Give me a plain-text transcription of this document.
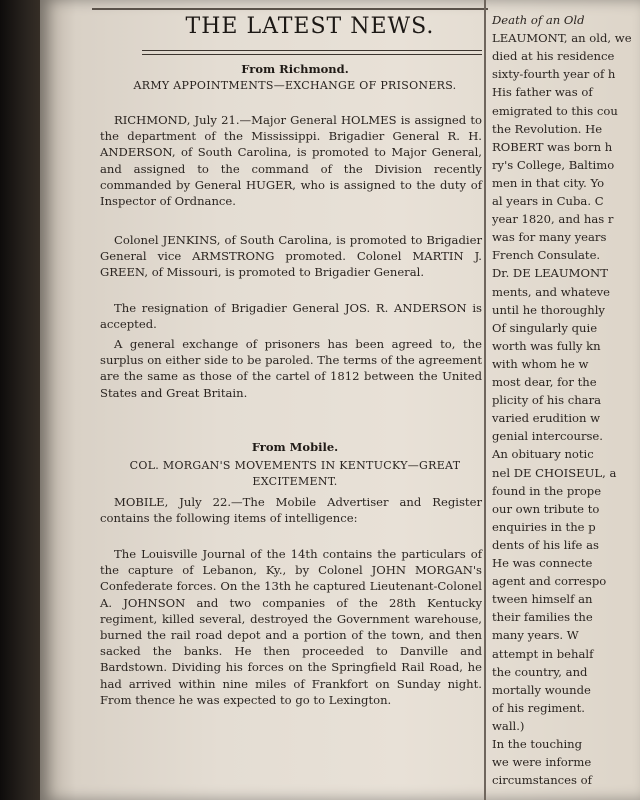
THE LATEST NEWS.
From Richmond.
ARMY APPOINTMENTS—EXCHANGE OF PRISONERS.

RICHMOND, July 21.—Major General HOLMES is assigned to the department of the Mississippi. Brigadier General R. H. ANDERSON, of South Carolina, is promoted to Major General, and assigned to the command of the Division recently commanded by General HUGER, who is assigned to the duty of Inspector of Ordnance.

Colonel JENKINS, of South Carolina, is promoted to Brigadier General vice ARMSTRONG promoted. Colonel MARTIN J. GREEN, of Missouri, is promoted to Brigadier General.

The resignation of Brigadier General JOS. R. ANDERSON is accepted.

A general exchange of prisoners has been agreed to, the surplus on either side to be paroled. The terms of the agreement are the same as those of the cartel of 1812 between the United States and Great Britain.

From Mobile.
COL. MORGAN'S MOVEMENTS IN KENTUCKY—GREAT EXCITEMENT.

MOBILE, July 22.—The Mobile Advertiser and Register contains the following items of intelligence:

The Louisville Journal of the 14th contains the particulars of the capture of Lebanon, Ky., by Colonel JOHN MORGAN's Confederate forces. On the 13th he captured Lieutenant-Colonel A. JOHNSON and two companies of the 28th Kentucky regiment, killed several, destroyed the Government warehouse, burned the rail road depot and a portion of the town, and then sacked the banks. He then proceeded to Danville and Bardstown. Dividing his forces on the Springfield Rail Road, he had arrived within nine miles of Frankfort on Sunday night. From thence he was expected to go to Lexington.

Death of an Old
LEAUMONT, an old, we
died at his residence
sixty-fourth year of h
His father was of
emigrated to this cou
the Revolution. He
ROBERT was born h
ry's College, Baltimo
men in that city. Yo
al years in Cuba. C
year 1820, and has r
was for many years
French Consulate.
Dr. DE LEAUMONT
ments, and whateve
until he thoroughly
Of singularly quie
worth was fully kn
with whom he w
most dear, for the
plicity of his chara
varied erudition w
genial intercourse.
An obituary notic
nel DE CHOISEUL, a
found in the prope
our own tribute to
enquiries in the p
dents of his life as
He was connecte
agent and correspo
tween himself an
their families the
many years. W
attempt in behalf
the country, and
mortally wounde
of his regiment.
wall.)
In the touching
we were informe
circumstances of
